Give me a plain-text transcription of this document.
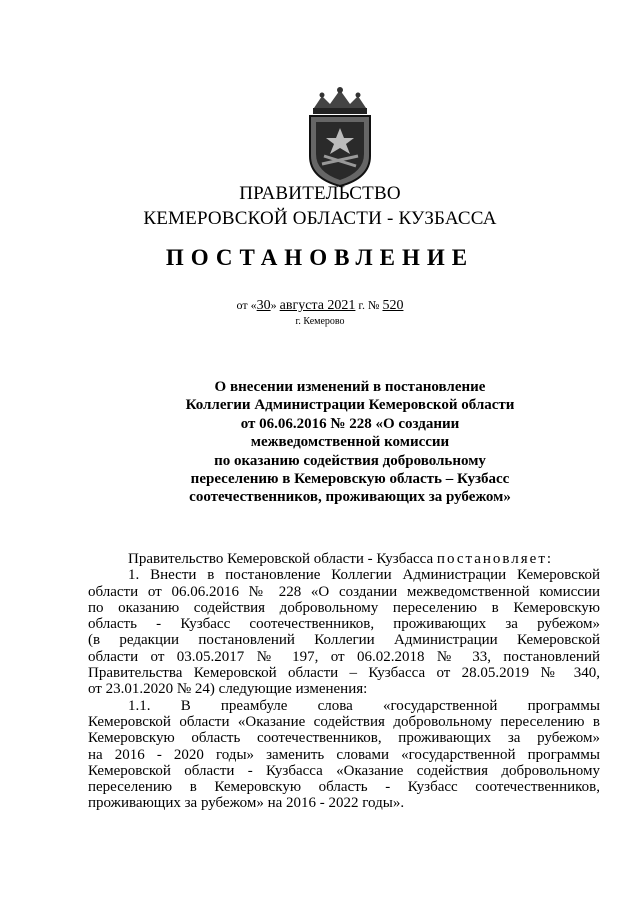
ПРАВИТЕЛЬСТВО
КЕМЕРОВСКОЙ ОБЛАСТИ - КУЗБАССА
ПОСТАНОВЛЕНИЕ
от «30» августа 2021 г. № 520
г. Кемерово
О внесении изменений в постановление
Коллегии Администрации Кемеровской области
от 06.06.2016 № 228 «О создании
межведомственной комиссии
по оказанию содействия добровольному
переселению в Кемеровскую область – Кузбасс
соотечественников, проживающих за рубежом»
Правительство Кемеровской области - Кузбасса постановляет:
1. Внести в постановление Коллегии Администрации Кемеровской
области от 06.06.2016 № 228 «О создании межведомственной комиссии
по оказанию содействия добровольному переселению в Кемеровскую
область - Кузбасс соотечественников, проживающих за рубежом»
(в редакции постановлений Коллегии Администрации Кемеровской
области от 03.05.2017 № 197, от 06.02.2018 № 33, постановлений
Правительства Кемеровской области – Кузбасса от 28.05.2019 № 340,
от 23.01.2020 № 24) следующие изменения:
1.1. В преамбуле слова «государственной программы
Кемеровской области «Оказание содействия добровольному переселению в
Кемеровскую область соотечественников, проживающих за рубежом»
на 2016 - 2020 годы» заменить словами «государственной программы
Кемеровской области - Кузбасса «Оказание содействия добровольному
переселению в Кемеровскую область - Кузбасс соотечественников,
проживающих за рубежом» на 2016 - 2022 годы».
